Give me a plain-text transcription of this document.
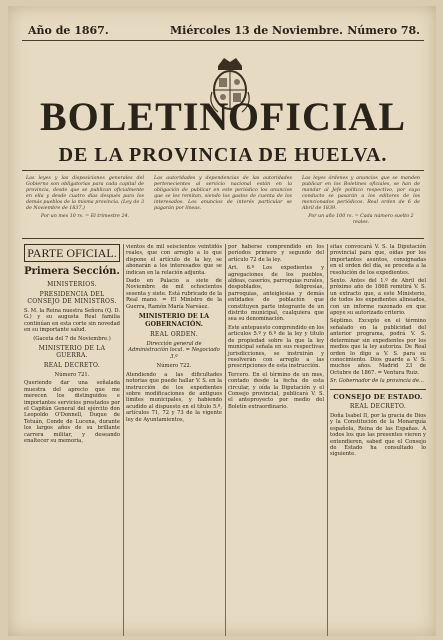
Año de 1867.	Miércoles 13 de Noviembre. Número 78.
BOLETIN
OFICIAL
DE LA PROVINCIA DE HUELVA.

Las leyes y las disposiciones generales del Gobierno son obligatorias para cada capital de provincia, desde que se publican oficialmente en ella y desde cuatro días después para los demás pueblos de la misma provincia. (Ley de 3 de Noviembre de 1837.)

Por un mes 10 rs. = El trimestre 24.

Las autoridades y dependencias de las autoridades pertenecientes al servicio nacional están en la obligación de publicar en este periódico los anuncios que se les remitan, siendo los gastos de cuenta de los interesados. Los anuncios de interés particular se pagarán por líneas.

Las leyes órdenes y anuncios que se manden publicar en los Boletines oficiales, se han de mandar al Jefe político respectivo, por cuyo conducto se pasarán a los editores de los mencionados periódicos. Real orden de 6 de Abril de 1839.

Por un año 100 rs. = Cada número suelto 2 reales.

PARTE OFICIAL.
Primera Sección.
MINISTERIOS.
PRESIDENCIA DEL CONSEJO DE MINISTROS.

S. M. la Reina nuestra Señora (Q. D. G.) y su augusta Real familia continúan en esta corte sin novedad en su importante salud.

(Gaceta del 7 de Noviembre.)
MINISTERIO DE LA GUERRA.
REAL DECRETO.
Número 721.

Queriendo dar una señalada muestra del aprecio que me merecen los distinguidos e importantes servicios prestados por el Capitán General del ejército don Leopoldo O'Donnell, Duque de Tetuán, Conde de Lucena, durante los largos años de su brillante carrera militar, y deseando enaltecer su memoria,

vientos de mil seiscientos veintidós reales, que con arreglo a lo que dispone el artículo de la ley, se abonarán a los interesados que se indican en la relación adjunta.

Dado en Palacio a siete de Noviembre de mil ochocientos sesenta y siete. Está rubricado de la Real mano. = El Ministro de la Guerra, Ramón María Narváez.

MINISTERIO DE LA GOBERNACIÓN.
REAL ORDEN.
Dirección general de Administración local. = Negociado 3.º
Número 722.

Atendiendo a las dificultades notorias que puede hallar V. S. en la instrucción de los expedientes sobre modificaciones de antiguos límites municipales, y habiendo acudido al dispuesto en el título 5.º, artículos 71, 72 y 73 de la vigente ley de Ayuntamientos,

por haberse comprendido en los períodos primero y segundo del artículo 72 de la ley.

Art. 6.º Los expedientes y agregaciones de los pueblos, aldeas, caseríos, parroquias rurales, despoblados, feligresías, parroquias, anteiglesias y demás entidades de población que constituyen parte integrante de un distrito municipal, cualquiera que sea su denominación.

Este antepuesto comprendido en los artículos 5.º y 6.º de la ley y título de propiedad sobre la que la ley municipal señala en sus respectivas jurisdicciones, se instruirán y resolverán con arreglo a las prescripciones de esta instrucción.

Tercero. En el término de un mes, contado desde la fecha de esta circular, y oída la Diputación y el Consejo provincial, publicará V. S. el anteproyecto por medio del Boletín extraordinario.

sitas convocará V. S. la Diputación provincial para que, oídas por los importantes asuntos, consignadas en el orden del día, se proceda a la resolución de los expedientes.

Sexto. Antes del 1.º de Abril del próximo año de 1868 remitirá V. S. un extracto que, a este Ministerio, de todos los expedientes alineados, con un informe razonado en que apoye su autorizado criterio.

Séptimo. Excepto en el término señalado en la publicidad del anterior programa, podrá V. S. determinar sin expedientes por los medios que la ley autoriza. De Real orden lo digo a V. S. para su conocimiento. Dios guarde a V. S. muchos años. Madrid 23 de Octubre de 1867. = Ventura Ruiz.

Sr. Gobernador de la provincia de...

CONSEJO DE ESTADO.
REAL DECRETO.

Doña Isabel II, por la gracia de Dios y la Constitución de la Monarquía española, Reina de las Españas. A todos los que las presentes vieren y entendieren, sabed que el Consejo de Estado ha consultado lo siguiente.
